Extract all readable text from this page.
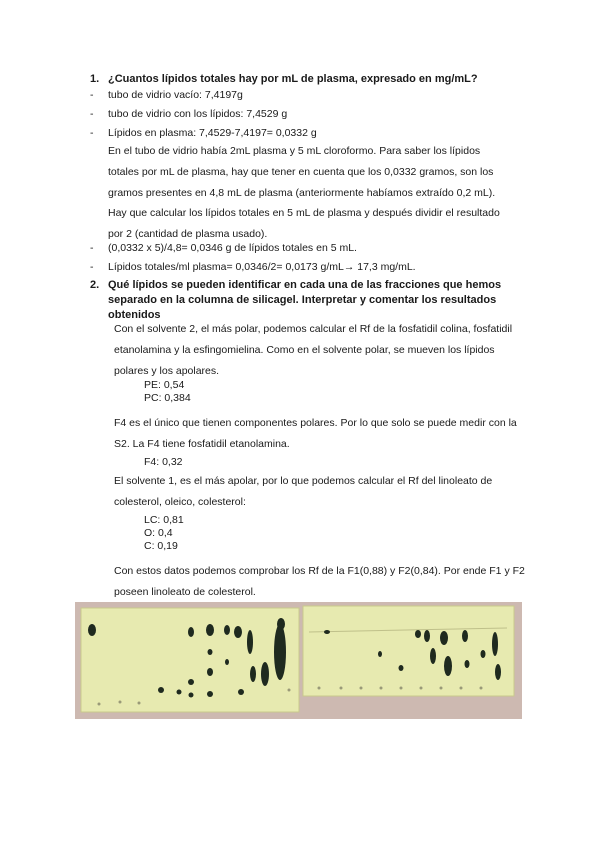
1. ¿Cuantos lípidos totales hay por mL de plasma, expresado en mg/mL?
- tubo de vidrio vacío: 7,4197g
- tubo de vidrio con los lípidos: 7,4529 g
- Lípidos en plasma: 7,4529-7,4197= 0,0332 g
En el tubo de vidrio había 2mL plasma y 5 mL cloroformo. Para saber los lípidos totales por mL de plasma, hay que tener en cuenta que los 0,0332 gramos, son los gramos presentes en 4,8 mL de plasma (anteriormente habíamos extraído 0,2 mL). Hay que calcular los lípidos totales en 5 mL de plasma y después dividir el resultado por 2 (cantidad de plasma usado).
- (0,0332 x 5)/4,8= 0,0346 g de lípidos totales en 5 mL.
- Lípidos totales/ml plasma= 0,0346/2= 0,0173 g/mL→ 17,3 mg/mL.
2. Qué lípidos se pueden identificar en cada una de las fracciones que hemos separado en la columna de silicagel. Interpretar y comentar los resultados obtenidos
Con el solvente 2, el más polar, podemos calcular el Rf de la fosfatidil colina, fosfatidil etanolamina y la esfingomielina. Como en el solvente polar, se mueven los lípidos polares y los apolares.
PE: 0,54
PC: 0,384
F4 es el único que tienen componentes polares. Por lo que solo se puede medir con la S2. La F4 tiene fosfatidil etanolamina.
F4: 0,32
El solvente 1, es el más apolar, por lo que podemos calcular el Rf del linoleato de colesterol, oleico, colesterol:
LC: 0,81
O: 0,4
C: 0,19
Con estos datos podemos comprobar los Rf de la F1(0,88) y F2(0,84). Por ende F1 y F2 poseen linoleato de colesterol.
